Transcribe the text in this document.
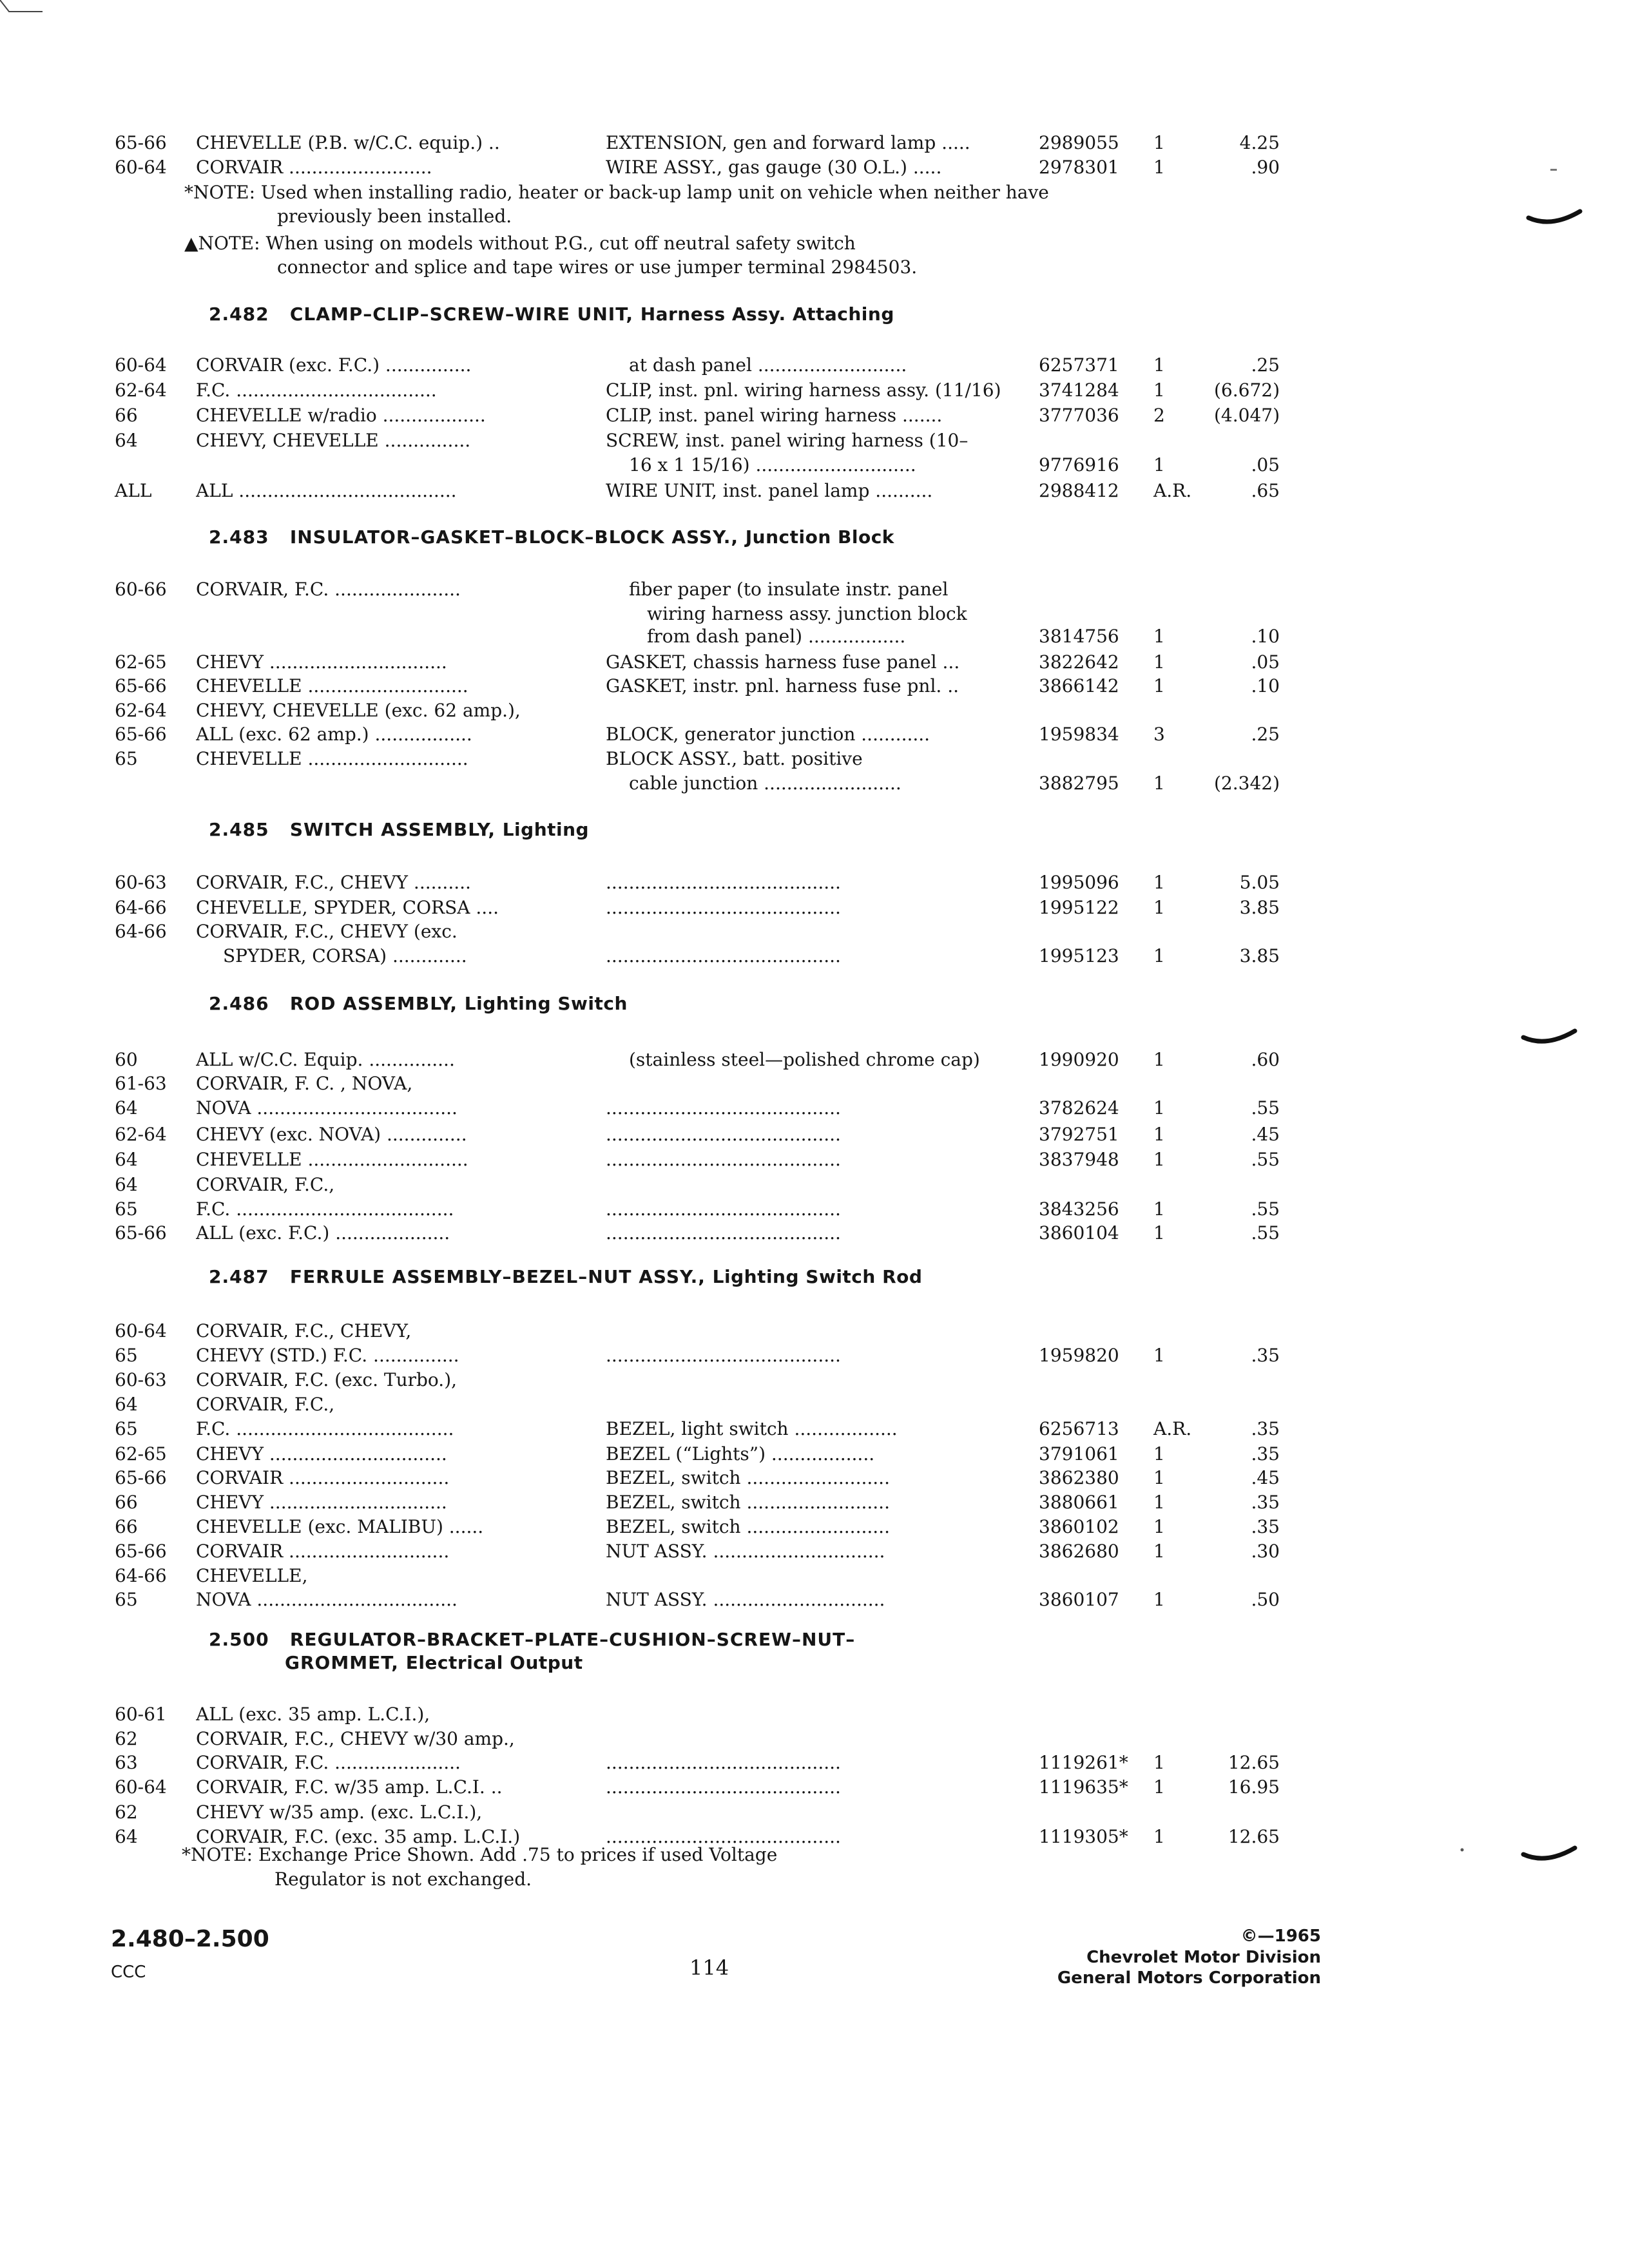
65-66 CHEVELLE (P.B. w/C.C. equip.) ..	EXTENSION, gen and forward lamp .....	2989055 1	4.25
60-64 CORVAIR .........................	WIRE ASSY., gas gauge (30 O.L.) .....	2978301 1	.90
*NOTE: Used when installing radio, heater or back-up lamp unit on vehicle when neither have
previously been installed.
▲NOTE: When using on models without P.G., cut off neutral safety switch
connector and splice and tape wires or use jumper terminal 2984503.
2.482 CLAMP–CLIP–SCREW–WIRE UNIT, Harness Assy. Attaching
60-64 CORVAIR (exc. F.C.) ...............	at dash panel ..........................	6257371 1	.25
62-64 F.C. ...................................	CLIP, inst. pnl. wiring harness assy. (11/16)	3741284 1	(6.672)
66	CHEVELLE w/radio ..................	CLIP, inst. panel wiring harness .......	3777036 2	(4.047)
64	CHEVY, CHEVELLE ...............	SCREW, inst. panel wiring harness (10–
16 x 1 15/16) ............................	9776916 1	.05
ALL ALL ......................................	WIRE UNIT, inst. panel lamp ..........	2988412 A.R.	.65
2.483 INSULATOR–GASKET–BLOCK–BLOCK ASSY., Junction Block
60-66 CORVAIR, F.C. ......................	fiber paper (to insulate instr. panel
wiring harness assy. junction block
from dash panel) .................	3814756 1	.10
62-65 CHEVY ...............................	GASKET, chassis harness fuse panel ...	3822642 1	.05
65-66 CHEVELLE ............................	GASKET, instr. pnl. harness fuse pnl. ..	3866142 1	.10
62-64 CHEVY, CHEVELLE (exc. 62 amp.),
65-66 ALL (exc. 62 amp.) .................	BLOCK, generator junction ............	1959834 3	.25
65	CHEVELLE ............................	BLOCK ASSY., batt. positive
cable junction ........................	3882795 1	(2.342)
2.485 SWITCH ASSEMBLY, Lighting
60-63 CORVAIR, F.C., CHEVY ..........	.........................................	1995096 1	5.05
64-66 CHEVELLE, SPYDER, CORSA ....	.........................................	1995122 1	3.85
64-66 CORVAIR, F.C., CHEVY (exc.
SPYDER, CORSA) .............	.........................................	1995123 1	3.85
2.486 ROD ASSEMBLY, Lighting Switch
60	ALL w/C.C. Equip. ...............	(stainless steel—polished chrome cap)	1990920 1	.60
61-63 CORVAIR, F. C. , NOVA,
64	NOVA ...................................	.........................................	3782624 1	.55
62-64 CHEVY (exc. NOVA) ..............	.........................................	3792751 1	.45
64	CHEVELLE ............................	.........................................	3837948 1	.55
64	CORVAIR, F.C.,
65	F.C. ......................................	.........................................	3843256 1	.55
65-66 ALL (exc. F.C.) ....................	.........................................	3860104 1	.55
2.487 FERRULE ASSEMBLY–BEZEL–NUT ASSY., Lighting Switch Rod
60-64 CORVAIR, F.C., CHEVY,
65	CHEVY (STD.) F.C. ...............	.........................................	1959820 1	.35
60-63 CORVAIR, F.C. (exc. Turbo.),
64	CORVAIR, F.C.,
65	F.C. ......................................	BEZEL, light switch ..................	6256713 A.R.	.35
62-65 CHEVY ...............................	BEZEL (“Lights”) ..................	3791061 1	.35
65-66 CORVAIR ............................	BEZEL, switch .........................	3862380 1	.45
66	CHEVY ...............................	BEZEL, switch .........................	3880661 1	.35
66	CHEVELLE (exc. MALIBU) ......	BEZEL, switch .........................	3860102 1	.35
65-66 CORVAIR ............................	NUT ASSY. ..............................	3862680 1	.30
64-66 CHEVELLE,
65	NOVA ...................................	NUT ASSY. ..............................	3860107 1	.50
2.500 REGULATOR–BRACKET–PLATE–CUSHION–SCREW–NUT–
GROMMET, Electrical Output
60-61 ALL (exc. 35 amp. L.C.I.),
62	CORVAIR, F.C., CHEVY w/30 amp.,
63	CORVAIR, F.C. ......................	.........................................	1119261* 1	12.65
60-64 CORVAIR, F.C. w/35 amp. L.C.I. ..	.........................................	1119635* 1	16.95
62	CHEVY w/35 amp. (exc. L.C.I.),
64	CORVAIR, F.C. (exc. 35 amp. L.C.I.)	.........................................	1119305* 1	12.65
*NOTE: Exchange Price Shown. Add .75 to prices if used Voltage
Regulator is not exchanged.
2.480–2.500
CCC	114
©—1965
Chevrolet Motor Division
General Motors Corporation
